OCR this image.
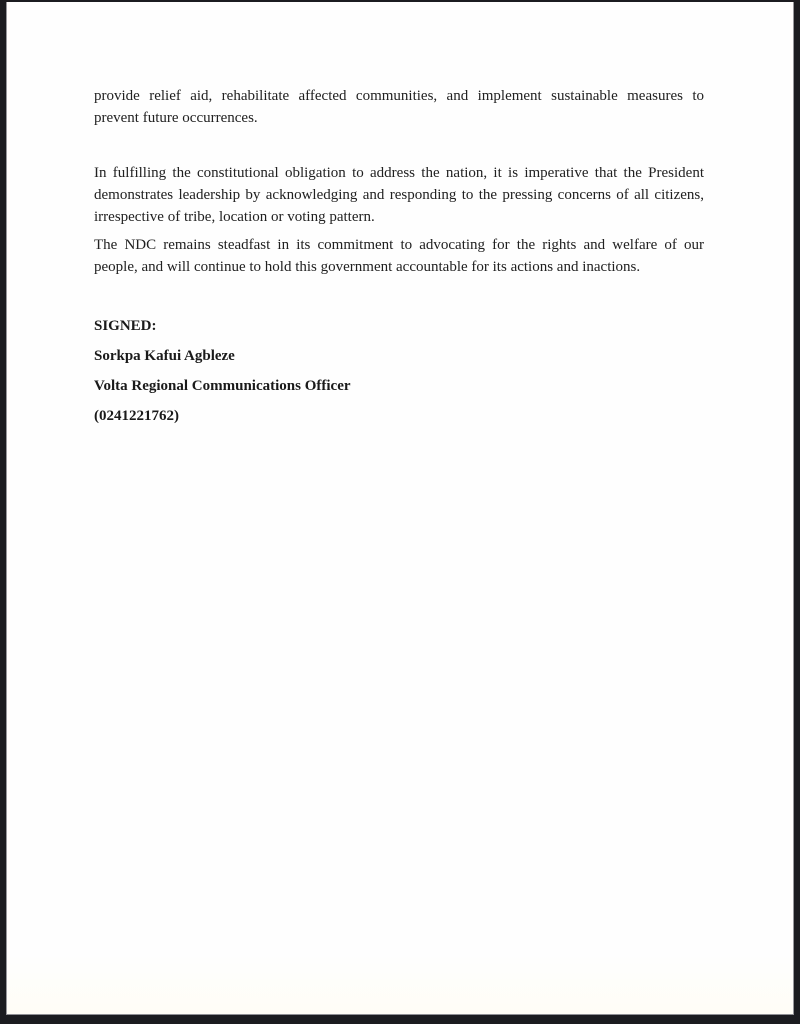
provide relief aid, rehabilitate affected communities, and implement sustainable measures to
prevent future occurrences.
In fulfilling the constitutional obligation to address the nation, it is imperative that the President
demonstrates leadership by acknowledging and responding to the pressing concerns of all citizens,
irrespective of tribe, location or voting pattern.
The NDC remains steadfast in its commitment to advocating for the rights and welfare of our
people, and will continue to hold this government accountable for its actions and inactions.
SIGNED:
Sorkpa Kafui Agbleze
Volta Regional Communications Officer
(0241221762)
